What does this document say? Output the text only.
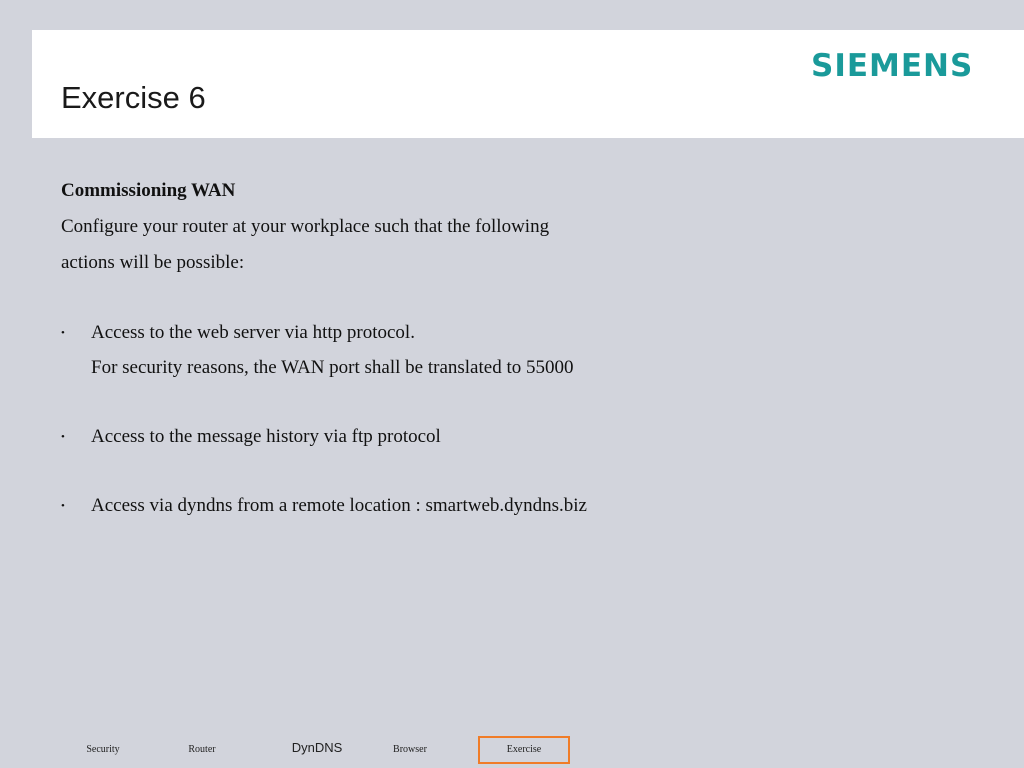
Exercise 6
SIEMENS
Commissioning WAN
Configure your router at your workplace such that the following
actions will be possible:
• Access to the web server via http protocol.
For security reasons, the WAN port shall be translated to 55000
• Access to the message history via ftp protocol
• Access via dyndns from a remote location : smartweb.dyndns.biz
Security	Router	DynDNS	Browser	Exercise
